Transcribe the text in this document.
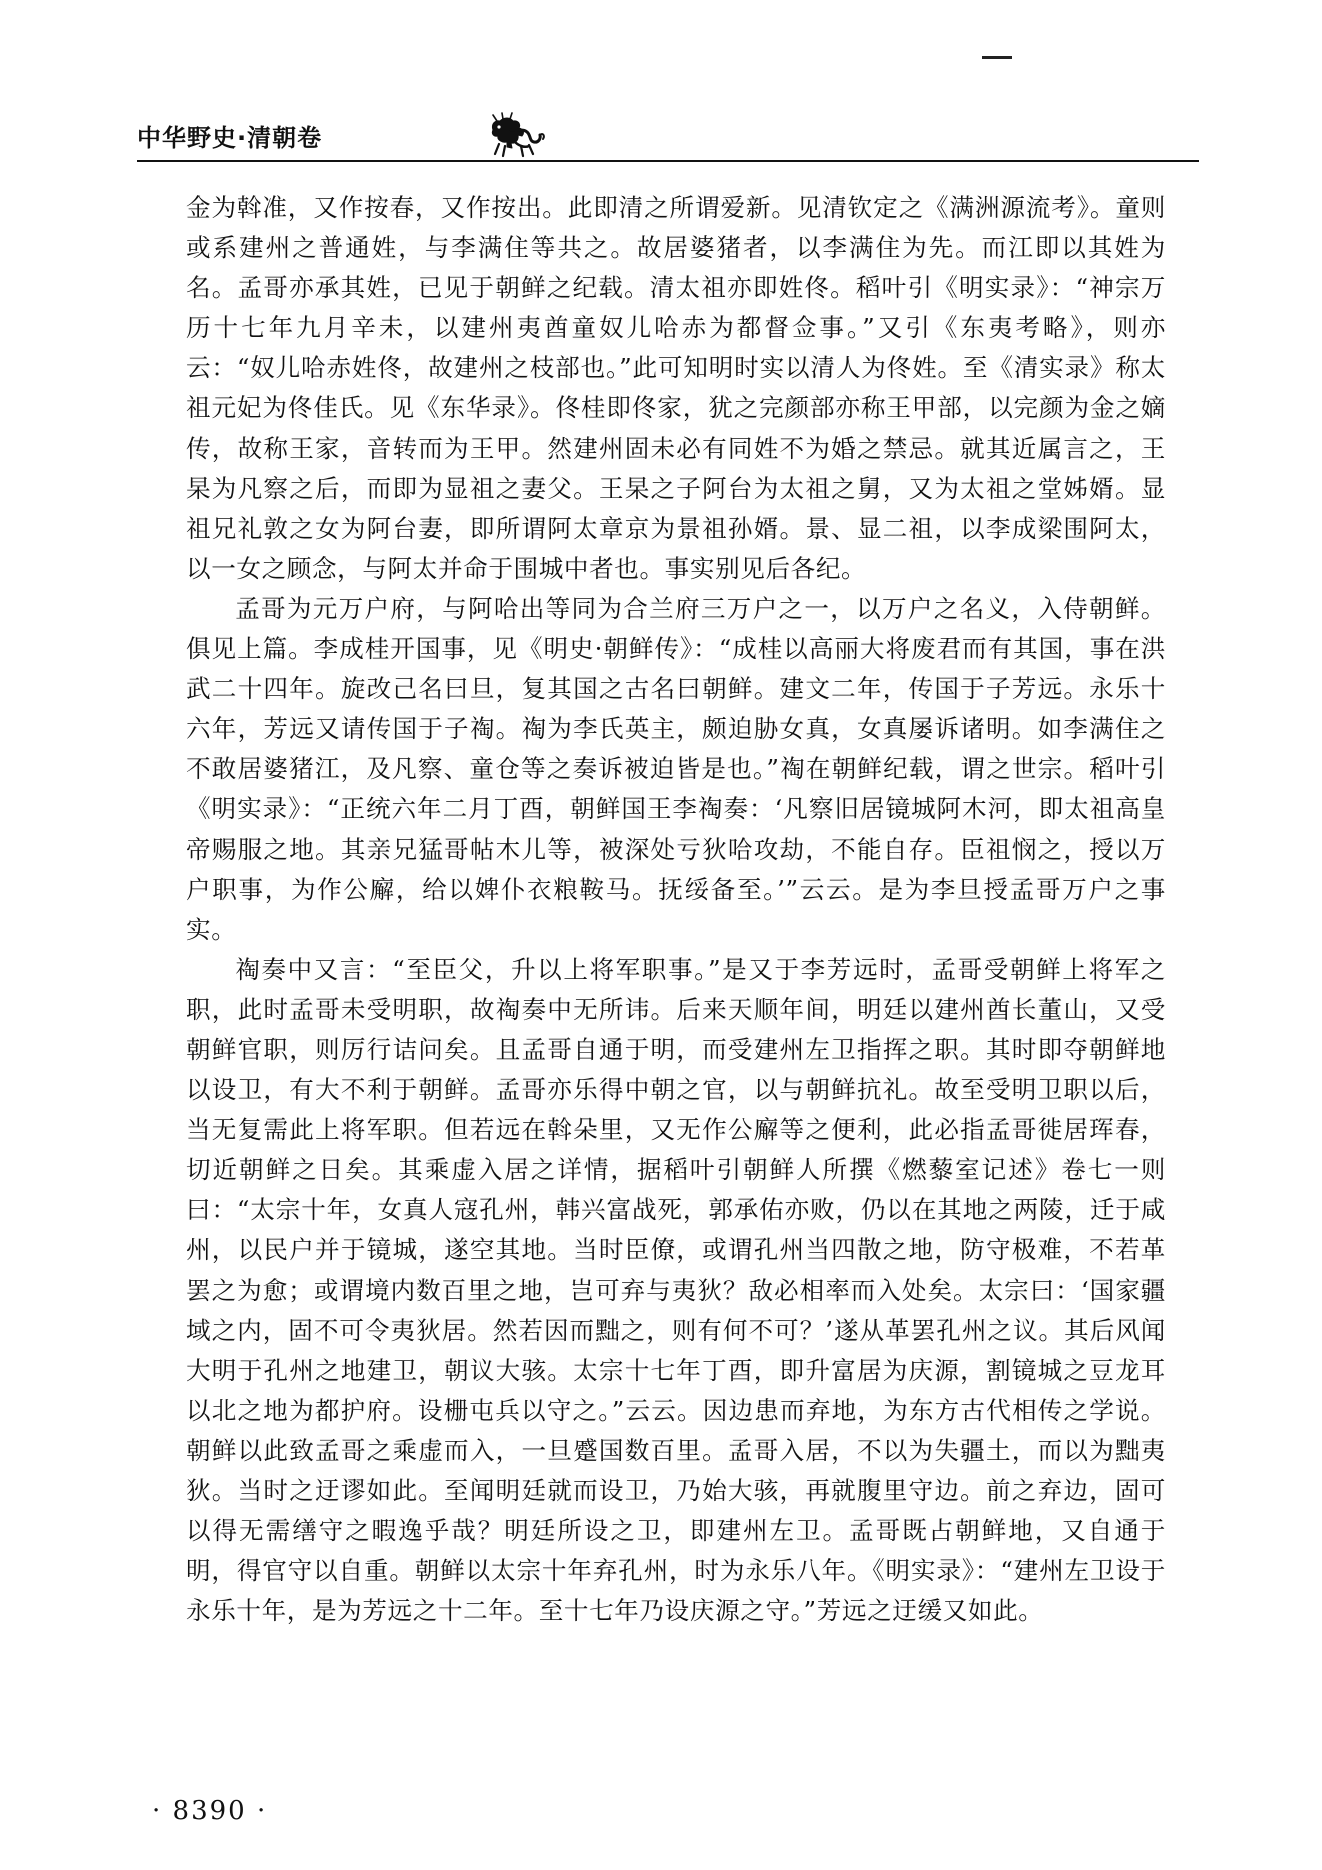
中华野史·清朝卷

金为斡准，又作按春，又作按出。此即清之所谓爱新。见清钦定之《满洲源流考》。童则或系建州之普通姓，与李满住等共之。故居婆猪者，以李满住为先。而江即以其姓为名。孟哥亦承其姓，已见于朝鲜之纪载。清太祖亦即姓佟。稻叶引《明实录》：“神宗万历十七年九月辛未，以建州夷酋童奴儿哈赤为都督佥事。”又引《东夷考略》，则亦云：“奴儿哈赤姓佟，故建州之枝部也。”此可知明时实以清人为佟姓。至《清实录》称太祖元妃为佟佳氏。见《东华录》。佟桂即佟家，犹之完颜部亦称王甲部，以完颜为金之嫡传，故称王家，音转而为王甲。然建州固未必有同姓不为婚之禁忌。就其近属言之，王杲为凡察之后，而即为显祖之妻父。王杲之子阿台为太祖之舅，又为太祖之堂姊婿。显祖兄礼敦之女为阿台妻，即所谓阿太章京为景祖孙婿。景、显二祖，以李成梁围阿太，以一女之顾念，与阿太并命于围城中者也。事实别见后各纪。

孟哥为元万户府，与阿哈出等同为合兰府三万户之一，以万户之名义，入侍朝鲜。俱见上篇。李成桂开国事，见《明史·朝鲜传》：“成桂以高丽大将废君而有其国，事在洪武二十四年。旋改己名曰旦，复其国之古名曰朝鲜。建文二年，传国于子芳远。永乐十六年，芳远又请传国于子祹。祹为李氏英主，颇迫胁女真，女真屡诉诸明。如李满住之不敢居婆猪江，及凡察、童仓等之奏诉被迫皆是也。”祹在朝鲜纪载，谓之世宗。稻叶引《明实录》：“正统六年二月丁酉，朝鲜国王李祹奏：‘凡察旧居镜城阿木河，即太祖高皇帝赐服之地。其亲兄猛哥帖木儿等，被深处亏狄哈攻劫，不能自存。臣祖悯之，授以万户职事，为作公廨，给以婢仆衣粮鞍马。抚绥备至。’”云云。是为李旦授孟哥万户之事实。

祹奏中又言：“至臣父，升以上将军职事。”是又于李芳远时，孟哥受朝鲜上将军之职，此时孟哥未受明职，故祹奏中无所讳。后来天顺年间，明廷以建州酋长董山，又受朝鲜官职，则厉行诘问矣。且孟哥自通于明，而受建州左卫指挥之职。其时即夺朝鲜地以设卫，有大不利于朝鲜。孟哥亦乐得中朝之官，以与朝鲜抗礼。故至受明卫职以后，当无复需此上将军职。但若远在斡朵里，又无作公廨等之便利，此必指孟哥徙居珲春，切近朝鲜之日矣。其乘虚入居之详情，据稻叶引朝鲜人所撰《燃藜室记述》卷七一则曰：“太宗十年，女真人寇孔州，韩兴富战死，郭承佑亦败，仍以在其地之两陵，迁于咸州，以民户并于镜城，遂空其地。当时臣僚，或谓孔州当四散之地，防守极难，不若革罢之为愈；或谓境内数百里之地，岂可弃与夷狄？敌必相率而入处矣。太宗曰：‘国家疆域之内，固不可令夷狄居。然若因而黜之，则有何不可？’遂从革罢孔州之议。其后风闻大明于孔州之地建卫，朝议大骇。太宗十七年丁酉，即升富居为庆源，割镜城之豆龙耳以北之地为都护府。设栅屯兵以守之。”云云。因边患而弃地，为东方古代相传之学说。朝鲜以此致孟哥之乘虚而入，一旦蹙国数百里。孟哥入居，不以为失疆土，而以为黜夷狄。当时之迂谬如此。至闻明廷就而设卫，乃始大骇，再就腹里守边。前之弃边，固可以得无需缮守之暇逸乎哉？明廷所设之卫，即建州左卫。孟哥既占朝鲜地，又自通于明，得官守以自重。朝鲜以太宗十年弃孔州，时为永乐八年。《明实录》：“建州左卫设于永乐十年，是为芳远之十二年。至十七年乃设庆源之守。”芳远之迂缓又如此。

· 8390 ·
